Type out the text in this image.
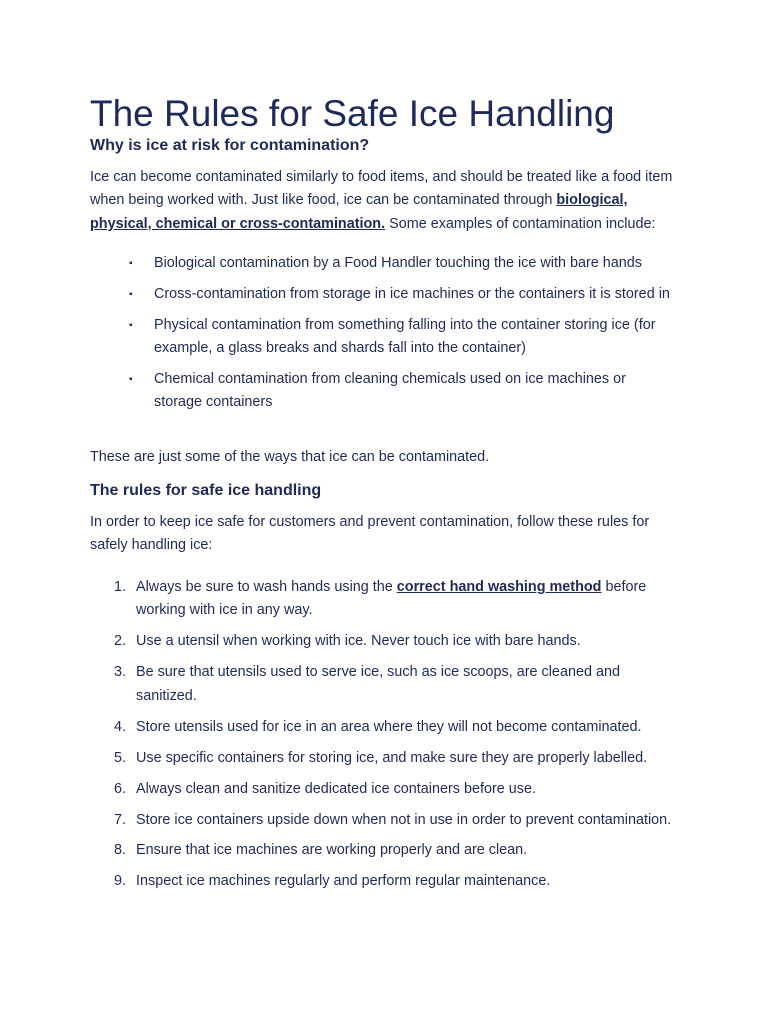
The Rules for Safe Ice Handling
Why is ice at risk for contamination?

Ice can become contaminated similarly to food items, and should be treated like a food item when being worked with. Just like food, ice can be contaminated through biological, physical, chemical or cross-contamination. Some examples of contamination include:

▪ Biological contamination by a Food Handler touching the ice with bare hands
▪ Cross-contamination from storage in ice machines or the containers it is stored in
▪ Physical contamination from something falling into the container storing ice (for example, a glass breaks and shards fall into the container)
▪ Chemical contamination from cleaning chemicals used on ice machines or storage containers

These are just some of the ways that ice can be contaminated.

The rules for safe ice handling

In order to keep ice safe for customers and prevent contamination, follow these rules for safely handling ice:

1. Always be sure to wash hands using the correct hand washing method before working with ice in any way.
2. Use a utensil when working with ice. Never touch ice with bare hands.
3. Be sure that utensils used to serve ice, such as ice scoops, are cleaned and sanitized.
4. Store utensils used for ice in an area where they will not become contaminated.
5. Use specific containers for storing ice, and make sure they are properly labelled.
6. Always clean and sanitize dedicated ice containers before use.
7. Store ice containers upside down when not in use in order to prevent contamination.
8. Ensure that ice machines are working properly and are clean.
9. Inspect ice machines regularly and perform regular maintenance.
